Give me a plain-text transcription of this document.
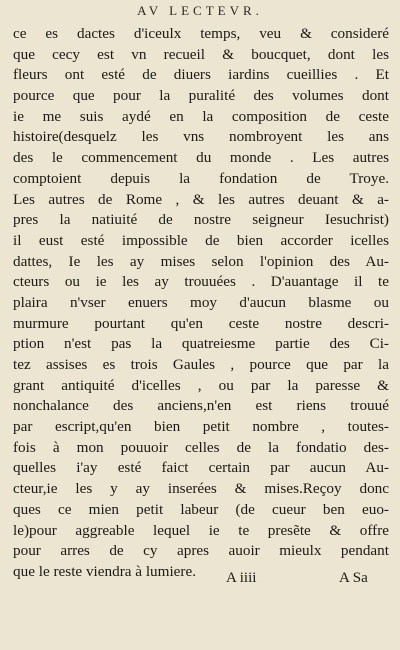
AV LECTEVR.
ce es dactes d'iceulx temps, veu & consideré
que cecy est vn recueil & boucquet, dont les
fleurs ont esté de diuers iardins cueillies . Et
pource que pour la puralité des volumes dont
ie me suis aydé en la composition de ceste
histoire(desquelz les vns nombroyent les ans
des le commencement du monde . Les autres
comptoient depuis la fondation de Troye.
Les autres de Rome , & les autres deuant & a-
pres la natiuité de nostre seigneur Iesuchrist)
il eust esté impossible de bien accorder icelles
dattes, Ie les ay mises selon l'opinion des Au-
cteurs ou ie les ay trouuées . D'auantage il te
plaira n'vser enuers moy d'aucun blasme ou
murmure pourtant qu'en ceste nostre descri-
ption n'est pas la quatreiesme partie des Ci-
tez assises es trois Gaules , pource que par la
grant antiquité d'icelles , ou par la paresse &
nonchalance des anciens,n'en est riens trouué
par escript,qu'en bien petit nombre , toutes-
fois à mon pouuoir celles de la fondatio des-
quelles i'ay esté faict certain par aucun Au-
cteur,ie les y ay inserées & mises.Reçoy donc
ques ce mien petit labeur (de cueur ben euo-
le)pour aggreable lequel ie te presẽte & offre
pour arres de cy apres auoir mieulx pendant
que le reste viendra à lumiere.	A iiii	A Sa
